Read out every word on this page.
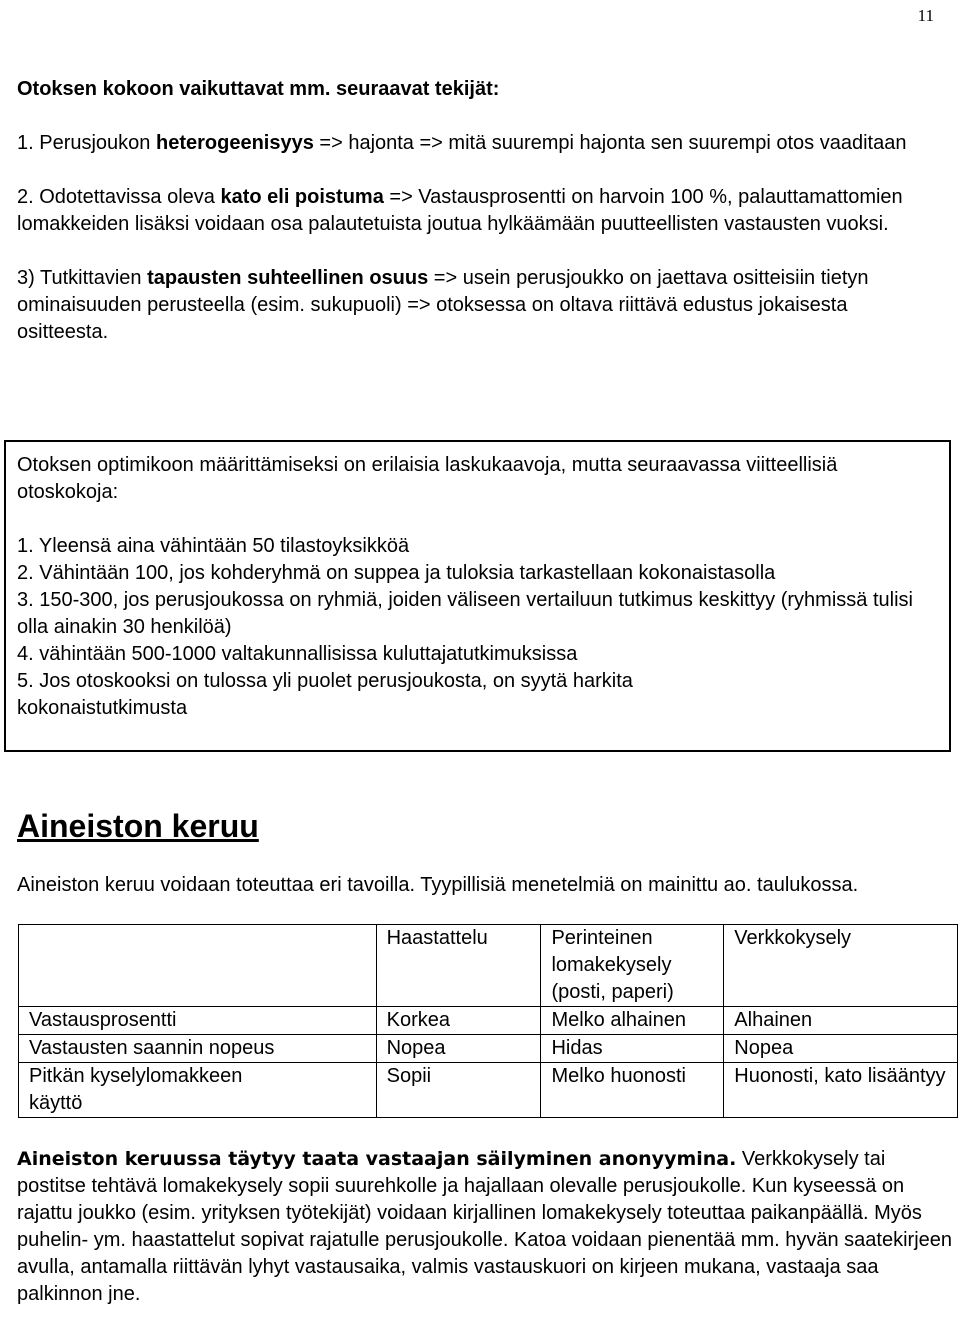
11

Otoksen kokoon vaikuttavat mm. seuraavat tekijät:

1. Perusjoukon heterogeenisyys => hajonta => mitä suurempi hajonta sen suurempi otos vaaditaan

2. Odotettavissa oleva kato eli poistuma => Vastausprosentti on harvoin 100 %, palauttamattomien lomakkeiden lisäksi voidaan osa palautetuista joutua hylkäämään puutteellisten vastausten vuoksi.

3) Tutkittavien tapausten suhteellinen osuus => usein perusjoukko on jaettava ositteisiin tietyn ominaisuuden perusteella (esim. sukupuoli) => otoksessa on oltava riittävä edustus jokaisesta ositteesta.

Otoksen optimikoon määrittämiseksi on erilaisia laskukaavoja, mutta seuraavassa viitteellisiä otoskokoja:

1. Yleensä aina vähintään 50 tilastoyksikköä

2. Vähintään 100, jos kohderyhmä on suppea ja tuloksia tarkastellaan kokonaistasolla

3. 150-300, jos perusjoukossa on ryhmiä, joiden väliseen vertailuun tutkimus keskittyy (ryhmissä tulisi olla ainakin 30 henkilöä)

4. vähintään 500-1000 valtakunnallisissa kuluttajatutkimuksissa

5. Jos otoskooksi on tulossa yli puolet perusjoukosta, on syytä harkita kokonaistutkimusta

Aineiston keruu
Aineiston keruu voidaan toteuttaa eri tavoilla. Tyypillisiä menetelmiä on mainittu ao. taulukossa.
	Haastattelu	Perinteinen lomakekysely (posti, paperi)	Verkkokysely
Vastausprosentti	Korkea	Melko alhainen	Alhainen
Vastausten saannin nopeus	Nopea	Hidas	Nopea
Pitkän kyselylomakkeen käyttö	Sopii	Melko huonosti	Huonosti, kato lisääntyy

Aineiston keruussa täytyy taata vastaajan säilyminen anonyymina. Verkkokysely tai postitse tehtävä lomakekysely sopii suurehkolle ja hajallaan olevalle perusjoukolle. Kun kyseessä on rajattu joukko (esim. yrityksen työtekijät) voidaan kirjallinen lomakekysely toteuttaa paikanpäällä. Myös puhelin- ym. haastattelut sopivat rajatulle perusjoukolle. Katoa voidaan pienentää mm. hyvän saatekirjeen avulla, antamalla riittävän lyhyt vastausaika, valmis vastauskuori on kirjeen mukana, vastaaja saa palkinnon jne.
